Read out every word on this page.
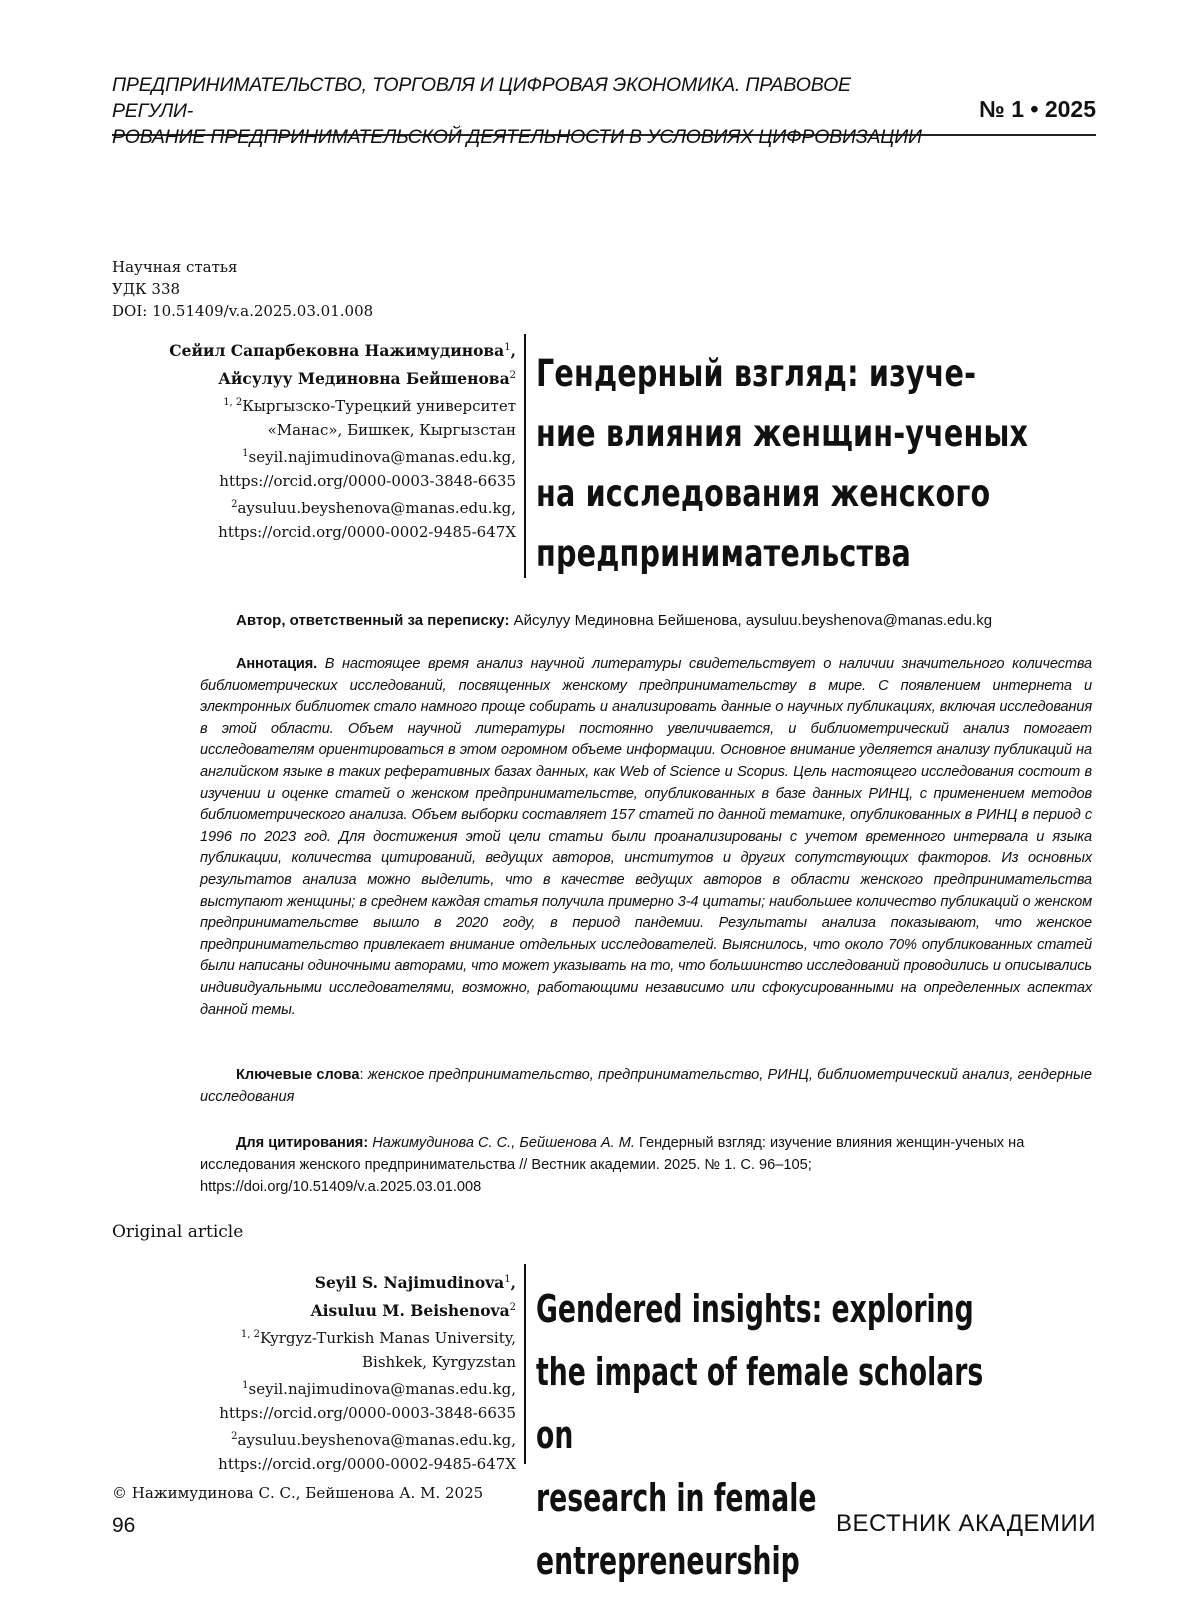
ПРЕДПРИНИМАТЕЛЬСТВО, ТОРГОВЛЯ И ЦИФРОВАЯ ЭКОНОМИКА. ПРАВОВОЕ РЕГУЛИ-
РОВАНИЕ ПРЕДПРИНИМАТЕЛЬСКОЙ ДЕЯТЕЛЬНОСТИ В УСЛОВИЯХ ЦИФРОВИЗАЦИИ
№ 1 • 2025
Научная статья
УДК 338
DOI: 10.51409/v.a.2025.03.01.008
Сейил Сапарбековна Нажимудинова$^1$,
Айсулуу Мединовна Бейшенова$^2$
$^{1, 2}$Кыргызско-Турецкий университет
«Манас», Бишкек, Кыргызстан
$^1$seyil.najimudinova@manas.edu.kg,
https://orcid.org/0000-0003-3848-6635
$^2$aysuluu.beyshenova@manas.edu.kg,
https://orcid.org/0000-0002-9485-647X
Гендерный взгляд: изуче-
ние влияния женщин-ученых
на исследования женского
предпринимательства
Автор, ответственный за переписку: Айсулуу Мединовна Бейшенова, aysuluu.beyshenova@manas.edu.kg
Аннотация. В настоящее время анализ научной литературы свидетельствует о наличии значительного количества библиометрических исследований, посвященных женскому предпринимательству в мире. С появлением интернета и электронных библиотек стало намного проще собирать и анализировать данные о научных публикациях, включая исследования в этой области. Объем научной литературы постоянно увеличивается, и библиометрический анализ помогает исследователям ориентироваться в этом огромном объеме информации. Основное внимание уделяется анализу публикаций на английском языке в таких реферативных базах данных, как Web of Science и Scopus. Цель настоящего исследования состоит в изучении и оценке статей о женском предпринимательстве, опубликованных в базе данных РИНЦ, с применением методов библиометрического анализа. Объем выборки составляет 157 статей по данной тематике, опубликованных в РИНЦ в период с 1996 по 2023 год. Для достижения этой цели статьи были проанализированы с учетом временного интервала и языка публикации, количества цитирований, ведущих авторов, институтов и других сопутствующих факторов. Из основных результатов анализа можно выделить, что в качестве ведущих авторов в области женского предпринимательства выступают женщины; в среднем каждая статья получила примерно 3-4 цитаты; наибольшее количество публикаций о женском предпринимательстве вышло в 2020 году, в период пандемии. Результаты анализа показывают, что женское предпринимательство привлекает внимание отдельных исследователей. Выяснилось, что около 70% опубликованных статей были написаны одиночными авторами, что может указывать на то, что большинство исследований проводились и описывались индивидуальными исследователями, возможно, работающими независимо или сфокусированными на определенных аспектах данной темы.
Ключевые слова: женское предпринимательство, предпринимательство, РИНЦ, библиометрический анализ, гендерные исследования
Для цитирования: Нажимудинова С. С., Бейшенова А. М. Гендерный взгляд: изучение влияния женщин-ученых на исследования женского предпринимательства // Вестник академии. 2025. № 1. С. 96–105; https://doi.org/10.51409/v.a.2025.03.01.008
Original article
Seyil S. Najimudinova$^1$,
Aisuluu M. Beishenova$^2$
$^{1, 2}$Kyrgyz-Turkish Manas University,
Bishkek, Kyrgyzstan
$^1$seyil.najimudinova@manas.edu.kg,
https://orcid.org/0000-0003-3848-6635
$^2$aysuluu.beyshenova@manas.edu.kg,
https://orcid.org/0000-0002-9485-647X
Gendered insights: exploring
the impact of female scholars on
research in female entrepreneurship
© Нажимудинова С. С., Бейшенова А. М. 2025
96	ВЕСТНИК АКАДЕМИИ
